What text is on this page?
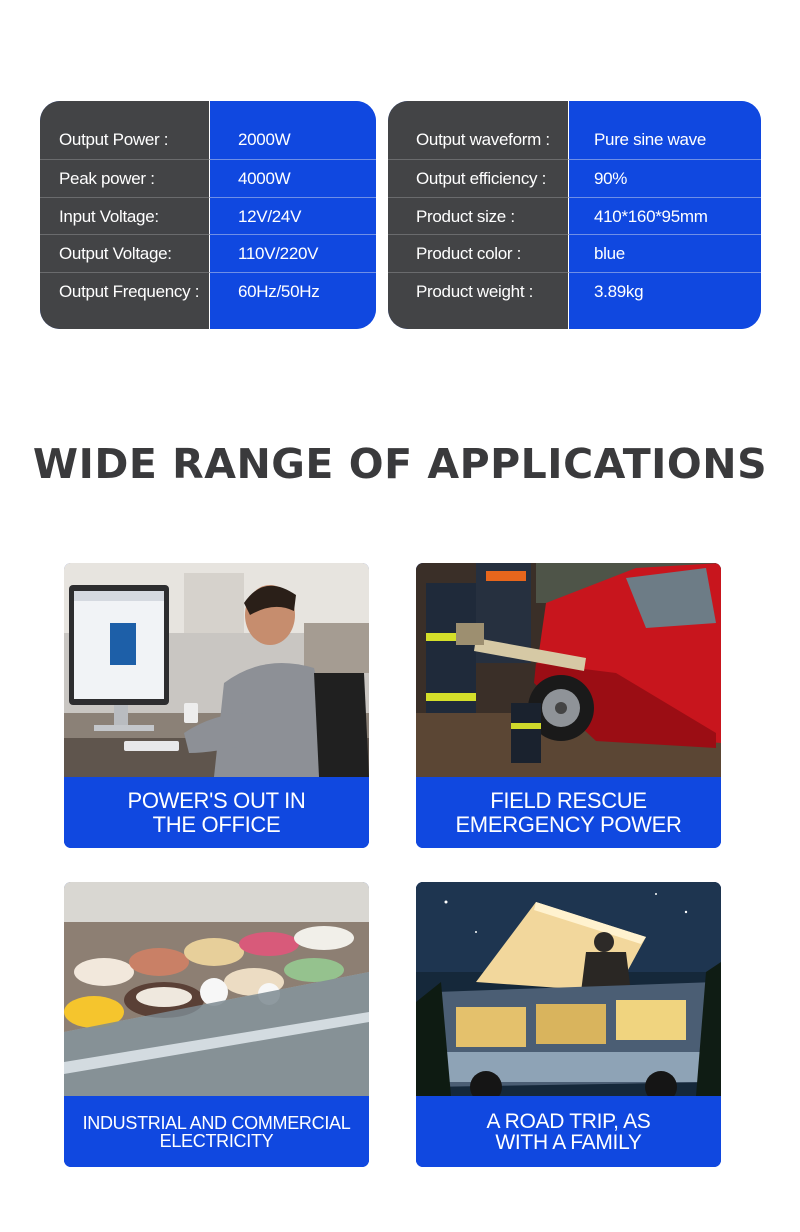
Output Power :	2000W
Peak power :	4000W
Input Voltage:	12V/24V
Output Voltage:	110V/220V
Output Frequency :	60Hz/50Hz
Output waveform :	Pure sine wave
Output efficiency :	90%
Product size :	410*160*95mm
Product color :	blue
Product weight :	3.89kg
WIDE RANGE OF APPLICATIONS
POWER'S OUT IN
THE OFFICE
FIELD RESCUE
EMERGENCY POWER
INDUSTRIAL AND COMMERCIAL
ELECTRICITY
A ROAD TRIP, AS
WITH A FAMILY
